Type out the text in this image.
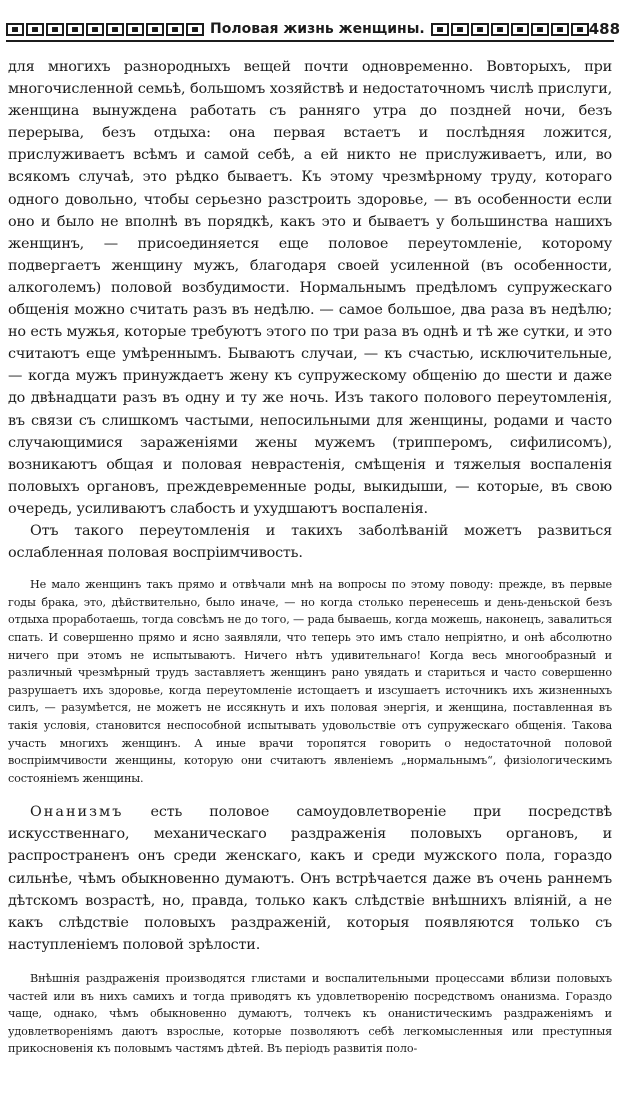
Половая жизнь женщины.	488

для многихъ разнородныхъ вещей почти одновременно. Вовторыхъ, при многочисленной семьѣ, большомъ хозяйствѣ и недостаточномъ числѣ прислуги, женщина вынуждена работать съ ранняго утра до поздней ночи, безъ перерыва, безъ отдыха: она первая встаетъ и послѣдняя ложится, прислуживаетъ всѣмъ и самой себѣ, а ей никто не прислуживаетъ, или, во всякомъ случаѣ, это рѣдко бываетъ. Къ этому чрезмѣрному труду, котораго одного довольно, чтобы серьезно разстроить здоровье, — въ особенности если оно и было не вполнѣ въ порядкѣ, какъ это и бываетъ у большинства нашихъ женщинъ, — присоединяется еще половое переутомленіе, которому подвергаетъ женщину мужъ, благодаря своей усиленной (въ особенности, алкоголемъ) половой возбудимости. Нормальнымъ предѣломъ супружескаго общенія можно считать разъ въ недѣлю. — самое большое, два раза въ недѣлю; но есть мужья, которые требуютъ этого по три раза въ однѣ и тѣ же сутки, и это считаютъ еще умѣреннымъ. Бываютъ случаи, — къ счастью, исключительные, — когда мужъ принуждаетъ жену къ супружескому общенію до шести и даже до двѣнадцати разъ въ одну и ту же ночь. Изъ такого полового переутомленія, въ связи съ слишкомъ частыми, непосильными для женщины, родами и часто случающимися зараженіями жены мужемъ (трипперомъ, сифилисомъ), возникаютъ общая и половая неврастенія, смѣщенія и тяжелыя воспаленія половыхъ органовъ, преждевременные роды, выкидыши, — которые, въ свою очередь, усиливаютъ слабость и ухудшаютъ воспаленія.

Отъ такого переутомленія и такихъ заболѣваній можетъ развиться ослабленная половая воспріимчивость.

Не мало женщинъ такъ прямо и отвѣчали мнѣ на вопросы по этому поводу: прежде, въ первые годы брака, это, дѣйствительно, было иначе, — но когда столько перенесешь и день-деньской безъ отдыха проработаешь, тогда совсѣмъ не до того, — рада бываешь, когда можешь, наконецъ, завалиться спать. И совершенно прямо и ясно заявляли, что теперь это имъ стало непріятно, и онѣ абсолютно ничего при этомъ не испытываютъ. Ничего нѣтъ удивительнаго! Когда весь многообразный и различный чрезмѣрный трудъ заставляетъ женщинъ рано увядать и стариться и часто совершенно разрушаетъ ихъ здоровье, когда переутомленіе истощаетъ и изсушаетъ источникъ ихъ жизненныхъ силъ, — разумѣется, не можетъ не иссякнуть и ихъ половая энергія, и женщина, поставленная въ такія условія, становится неспособной испытывать удовольствіе отъ супружескаго общенія. Такова участь многихъ женщинъ. А иные врачи торопятся говорить о недостаточной половой воспріимчивости женщины, которую они считаютъ явленіемъ „нормальнымъ“, физіологическимъ состояніемъ женщины.

Онанизмъ есть половое самоудовлетвореніе при посредствѣ искусственнаго, механическаго раздраженія половыхъ органовъ, и распространенъ онъ среди женскаго, какъ и среди мужского пола, гораздо сильнѣе, чѣмъ обыкновенно думаютъ. Онъ встрѣчается даже въ очень раннемъ дѣтскомъ возрастѣ, но, правда, только какъ слѣдствіе внѣшнихъ вліяній, а не какъ слѣдствіе половыхъ раздраженій, которыя появляются только съ наступленіемъ половой зрѣлости.

Внѣшнія раздраженія производятся глистами и воспалительными процессами вблизи половыхъ частей или въ нихъ самихъ и тогда приводятъ къ удовлетворенію посредствомъ онанизма. Гораздо чаще, однако, чѣмъ обыкновенно думаютъ, толчекъ къ онанистическимъ раздраженіямъ и удовлетвореніямъ даютъ взрослые, которые позволяютъ себѣ легкомысленныя или преступныя прикосновенія къ половымъ частямъ дѣтей. Въ періодъ развитія поло-
